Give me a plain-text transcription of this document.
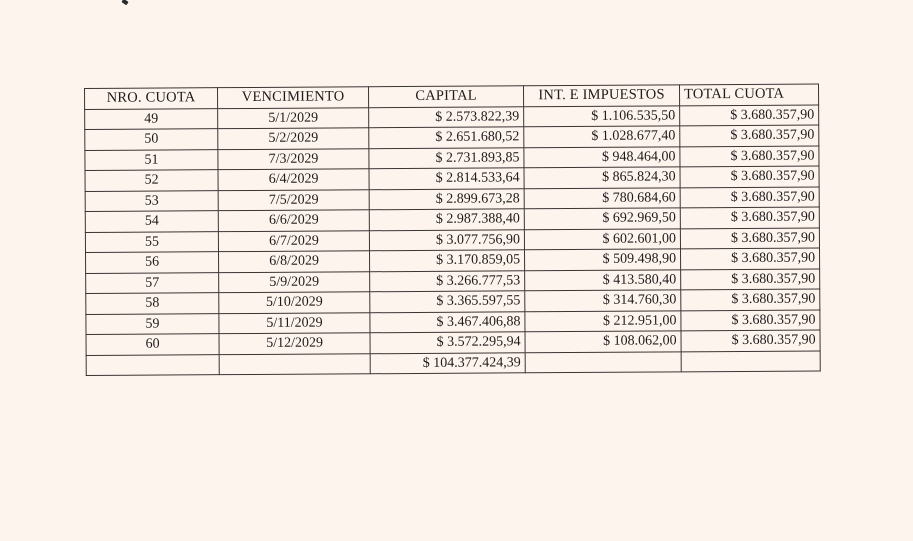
NRO. CUOTA	VENCIMIENTO	CAPITAL	INT. E IMPUESTOS	TOTAL CUOTA
49	5/1/2029	$ 2.573.822,39	$ 1.106.535,50	$ 3.680.357,90
50	5/2/2029	$ 2.651.680,52	$ 1.028.677,40	$ 3.680.357,90
51	7/3/2029	$ 2.731.893,85	$ 948.464,00	$ 3.680.357,90
52	6/4/2029	$ 2.814.533,64	$ 865.824,30	$ 3.680.357,90
53	7/5/2029	$ 2.899.673,28	$ 780.684,60	$ 3.680.357,90
54	6/6/2029	$ 2.987.388,40	$ 692.969,50	$ 3.680.357,90
55	6/7/2029	$ 3.077.756,90	$ 602.601,00	$ 3.680.357,90
56	6/8/2029	$ 3.170.859,05	$ 509.498,90	$ 3.680.357,90
57	5/9/2029	$ 3.266.777,53	$ 413.580,40	$ 3.680.357,90
58	5/10/2029	$ 3.365.597,55	$ 314.760,30	$ 3.680.357,90
59	5/11/2029	$ 3.467.406,88	$ 212.951,00	$ 3.680.357,90
60	5/12/2029	$ 3.572.295,94	$ 108.062,00	$ 3.680.357,90
		$ 104.377.424,39		
